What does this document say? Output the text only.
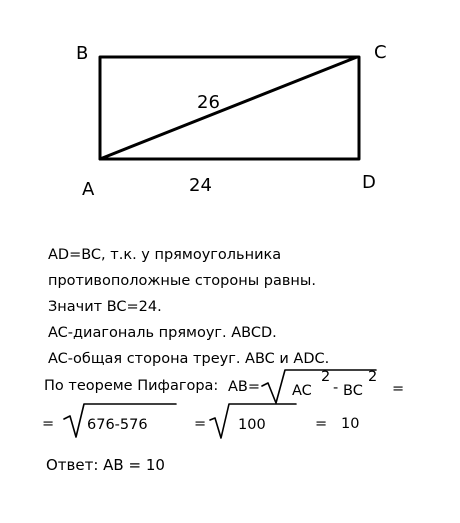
B	C
A	D
26
24
AD=BC, т.к. у прямоугольника
противоположные стороны равны.
Значит BC=24.
AC-диагональ прямоуг. ABCD.
AC-общая сторона треуг. ABC и ADC.
По теореме Пифагора: AB= AC
2
- BC
2
=
= 676-576	= 100	= 10
Ответ: AB = 10
